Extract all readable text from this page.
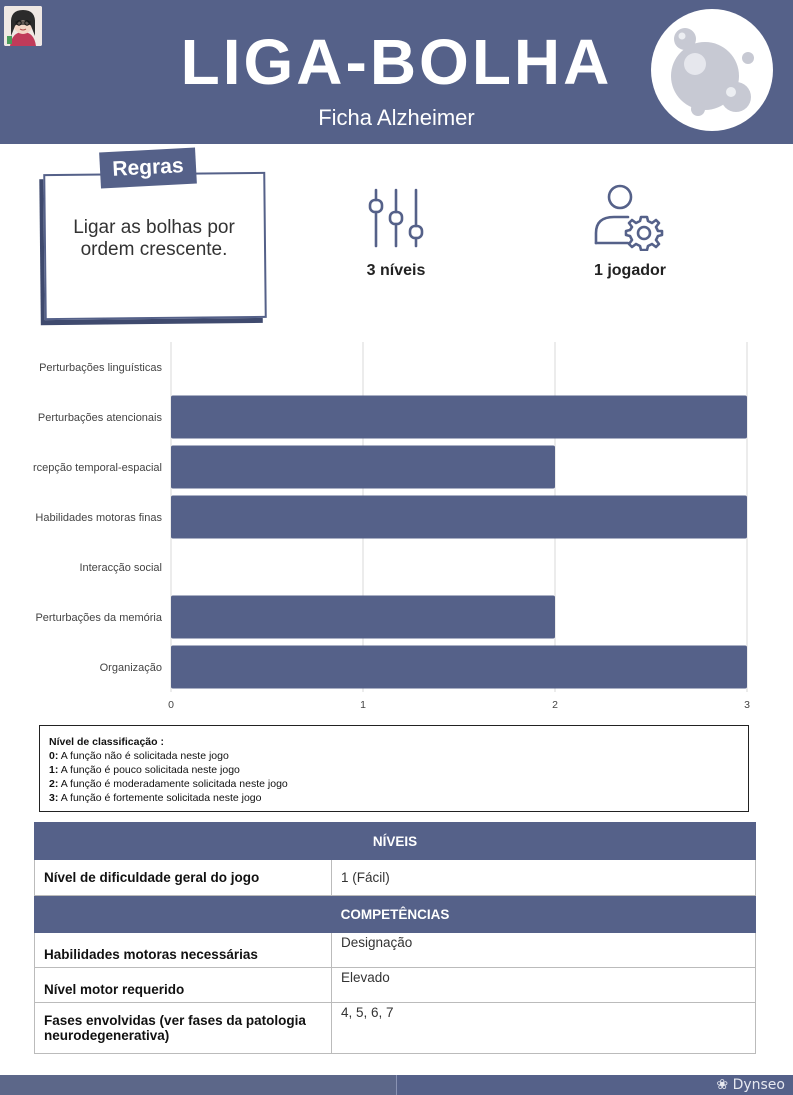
LIGA-BOLHA
Ficha Alzheimer
Regras
Ligar as bolhas por ordem crescente.
3 níveis	1 jogador
0	1	2	3
Perturbações linguísticas
Perturbações atencionais
rcepção temporal-espacial
Habilidades motoras finas
Interacção social
Perturbações da memória
Organização
Nível de classificação :
0: A função não é solicitada neste jogo
1: A função é pouco solicitada neste jogo
2: A função é moderadamente solicitada neste jogo
3: A função é fortemente solicitada neste jogo
NÍVEIS	
Nível de dificuldade geral do jogo	1 (Fácil)
COMPETÊNCIAS	
Habilidades motoras necessárias	Designação
Nível motor requerido	Elevado
Fases envolvidas (ver fases da patologia neurodegenerativa)	4, 5, 6, 7
❀ Dynseo
